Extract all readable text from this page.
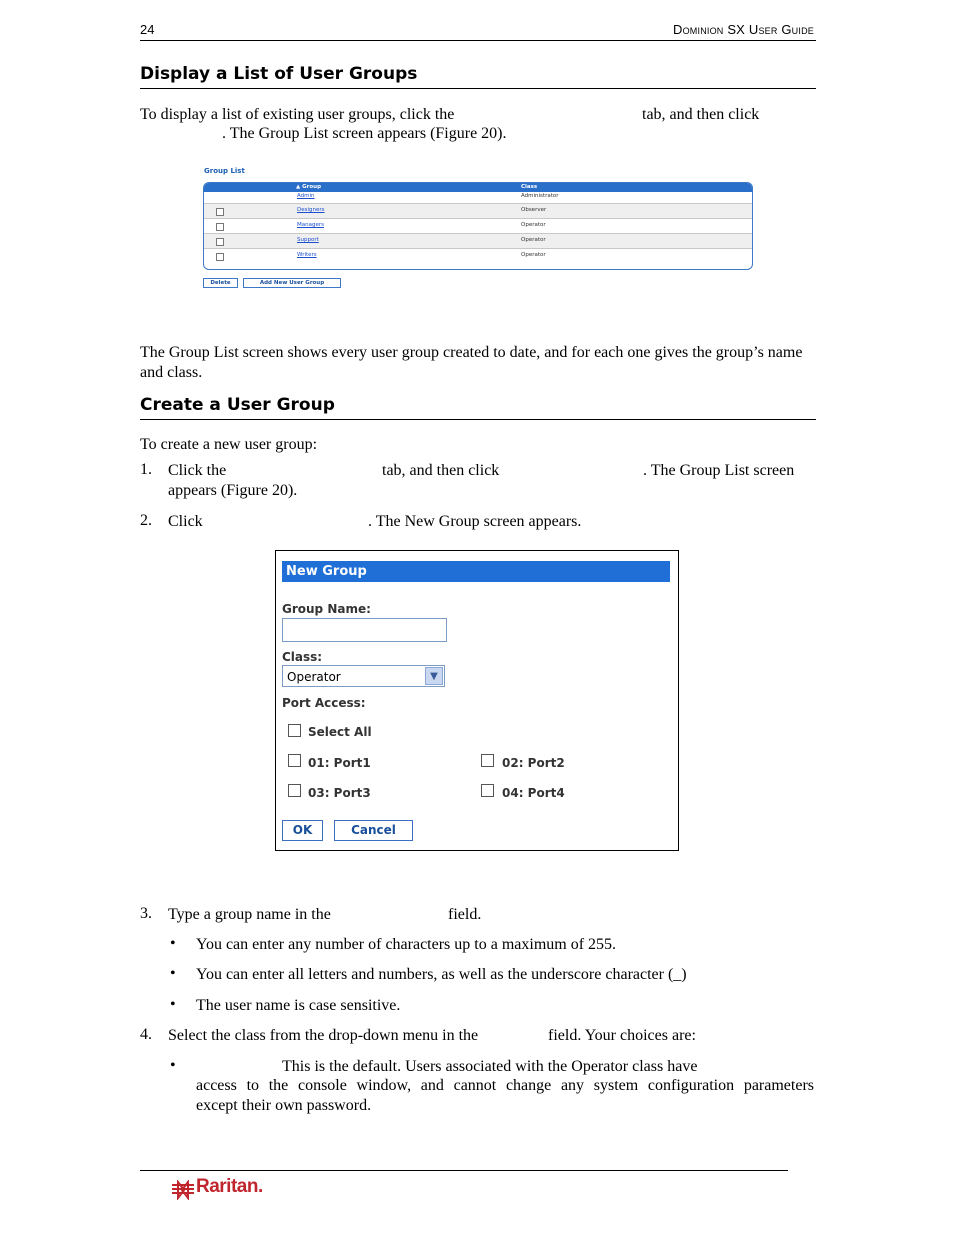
24	Dominion SX User Guide
Display a List of User Groups
To display a list of existing user groups, click the	tab, and then click
. The Group List screen appears (Figure 20).
Group List
▲ Group	Class
Admin	Administrator
Designers	Observer
Managers	Operator
Support	Operator
Writers	Operator
Delete	Add New User Group
The Group List screen shows every user group created to date, and for each one gives the group’s name and class.
Create a User Group
To create a new user group:
1. Click the	tab, and then click	. The Group List screen
appears (Figure 20).
2. Click	. The New Group screen appears.
New Group
Group Name:
Class:
Operator	▼
Port Access:
Select All
01: Port1	02: Port2
03: Port3	04: Port4
OK	Cancel
3. Type a group name in the	field.
• You can enter any number of characters up to a maximum of 255.
• You can enter all letters and numbers, as well as the underscore character (_)
• The user name is case sensitive.
4. Select the class from the drop-down menu in the	field. Your choices are:
•	This is the default. Users associated with the Operator class have
access to the console window, and cannot change any system configuration parameters
except their own password.
Raritan.
